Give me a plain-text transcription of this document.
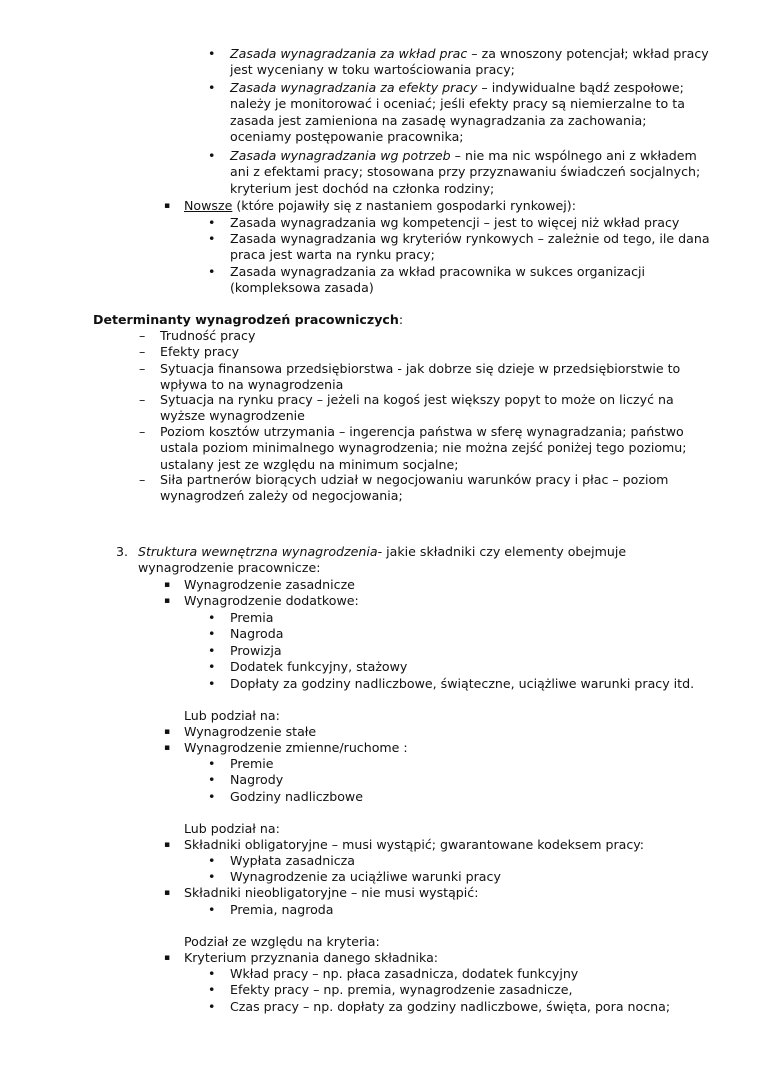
• Zasada wynagradzania za wkład prac – za wnoszony potencjał; wkład pracy jest wyceniany w toku wartościowania pracy;
• Zasada wynagradzania za efekty pracy – indywidualne bądź zespołowe; należy je monitorować i oceniać; jeśli efekty pracy są niemierzalne to ta zasada jest zamieniona na zasadę wynagradzania za zachowania; oceniamy postępowanie pracownika;
• Zasada wynagradzania wg potrzeb – nie ma nic wspólnego ani z wkładem ani z efektami pracy; stosowana przy przyznawaniu świadczeń socjalnych; kryterium jest dochód na członka rodziny;
▪ Nowsze (które pojawiły się z nastaniem gospodarki rynkowej):
• Zasada wynagradzania wg kompetencji – jest to więcej niż wkład pracy
• Zasada wynagradzania wg kryteriów rynkowych – zależnie od tego, ile dana praca jest warta na rynku pracy;
• Zasada wynagradzania za wkład pracownika w sukces organizacji (kompleksowa zasada)
Determinanty wynagrodzeń pracowniczych:
– Trudność pracy
– Efekty pracy
– Sytuacja finansowa przedsiębiorstwa - jak dobrze się dzieje w przedsiębiorstwie to wpływa to na wynagrodzenia
– Sytuacja na rynku pracy – jeżeli na kogoś jest większy popyt to może on liczyć na wyższe wynagrodzenie
– Poziom kosztów utrzymania – ingerencja państwa w sferę wynagradzania; państwo ustala poziom minimalnego wynagrodzenia; nie można zejść poniżej tego poziomu; ustalany jest ze względu na minimum socjalne;
– Siła partnerów biorących udział w negocjowaniu warunków pracy i płac – poziom wynagrodzeń zależy od negocjowania;
3. Struktura wewnętrzna wynagrodzenia- jakie składniki czy elementy obejmuje wynagrodzenie pracownicze:
▪ Wynagrodzenie zasadnicze
▪ Wynagrodzenie dodatkowe:
• Premia
• Nagroda
• Prowizja
• Dodatek funkcyjny, stażowy
• Dopłaty za godziny nadliczbowe, świąteczne, uciążliwe warunki pracy itd.
Lub podział na:
▪ Wynagrodzenie stałe
▪ Wynagrodzenie zmienne/ruchome :
• Premie
• Nagrody
• Godziny nadliczbowe
Lub podział na:
▪ Składniki obligatoryjne – musi wystąpić; gwarantowane kodeksem pracy:
• Wypłata zasadnicza
• Wynagrodzenie za uciążliwe warunki pracy
▪ Składniki nieobligatoryjne – nie musi wystąpić:
• Premia, nagroda
Podział ze względu na kryteria:
▪ Kryterium przyznania danego składnika:
• Wkład pracy – np. płaca zasadnicza, dodatek funkcyjny
• Efekty pracy – np. premia, wynagrodzenie zasadnicze,
• Czas pracy – np. dopłaty za godziny nadliczbowe, święta, pora nocna;
